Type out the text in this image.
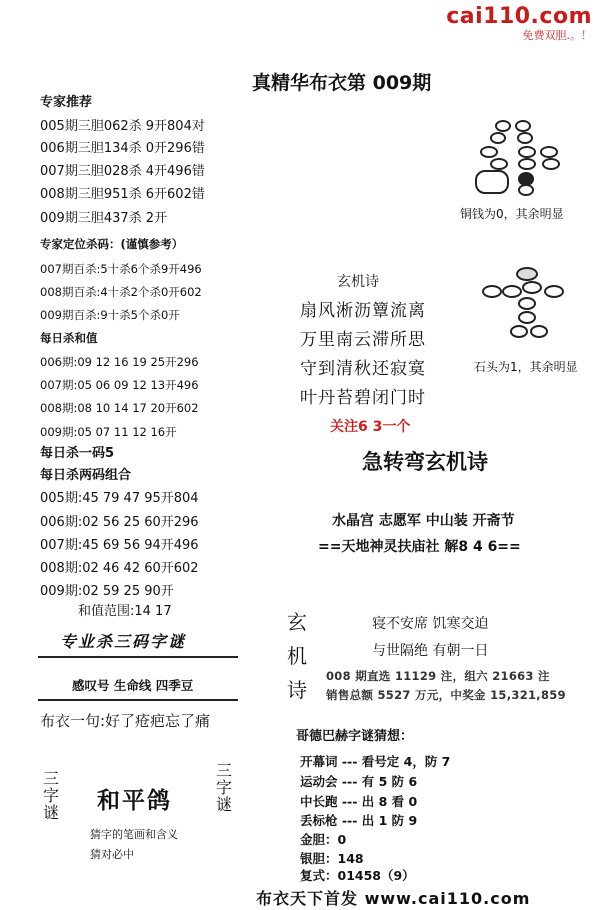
cai110.com
免费双胆.。！
真精华布衣第 009期
专家推荐
005期三胆062杀 9开804对
006期三胆134杀 0开296错
007期三胆028杀 4开496错
008期三胆951杀 6开602错
009期三胆437杀 2开
专家定位杀码：(谨慎参考）
007期百杀:5十杀6个杀9开496
008期百杀:4十杀2个杀0开602
009期百杀:9十杀5个杀0开
每日杀和值
006期:09 12 16 19 25开296
007期:05 06 09 12 13开496
008期:08 10 14 17 20开602
009期:05 07 11 12 16开
每日杀一码5
每日杀两码组合
005期:45 79 47 95开804
006期:02 56 25 60开296
007期:45 69 56 94开496
008期:02 46 42 60开602
009期:02 59 25 90开
和值范围:14 17
专业杀三码字谜
感叹号 生命线 四季豆
布衣一句:好了疮疤忘了痛
三字谜
三字谜
和平鸽
猜字的笔画和含义
猜对必中
铜钱为0，其余明显
石头为1，其余明显
玄机诗
扇风淅沥簟流离
万里南云滞所思
守到清秋还寂寞
叶丹苔碧闭门时
关注6 3一个
急转弯玄机诗
水晶宫 志愿军 中山装 开斋节
==天地神灵扶庙社 解8 4 6==
玄
机
诗
寝不安席 饥寒交迫
与世隔绝 有朝一日
008 期直选 11129 注，组六 21663 注
销售总额 5527 万元，中奖金 15,321,859
哥德巴赫字谜猜想：
开幕词 --- 看号定 4，防 7
运动会 --- 有 5 防 6
中长跑 --- 出 8 看 0
丢标枪 --- 出 1 防 9
金胆：0
银胆：148
复式：01458（9）
布衣天下首发 www.cai110.com
